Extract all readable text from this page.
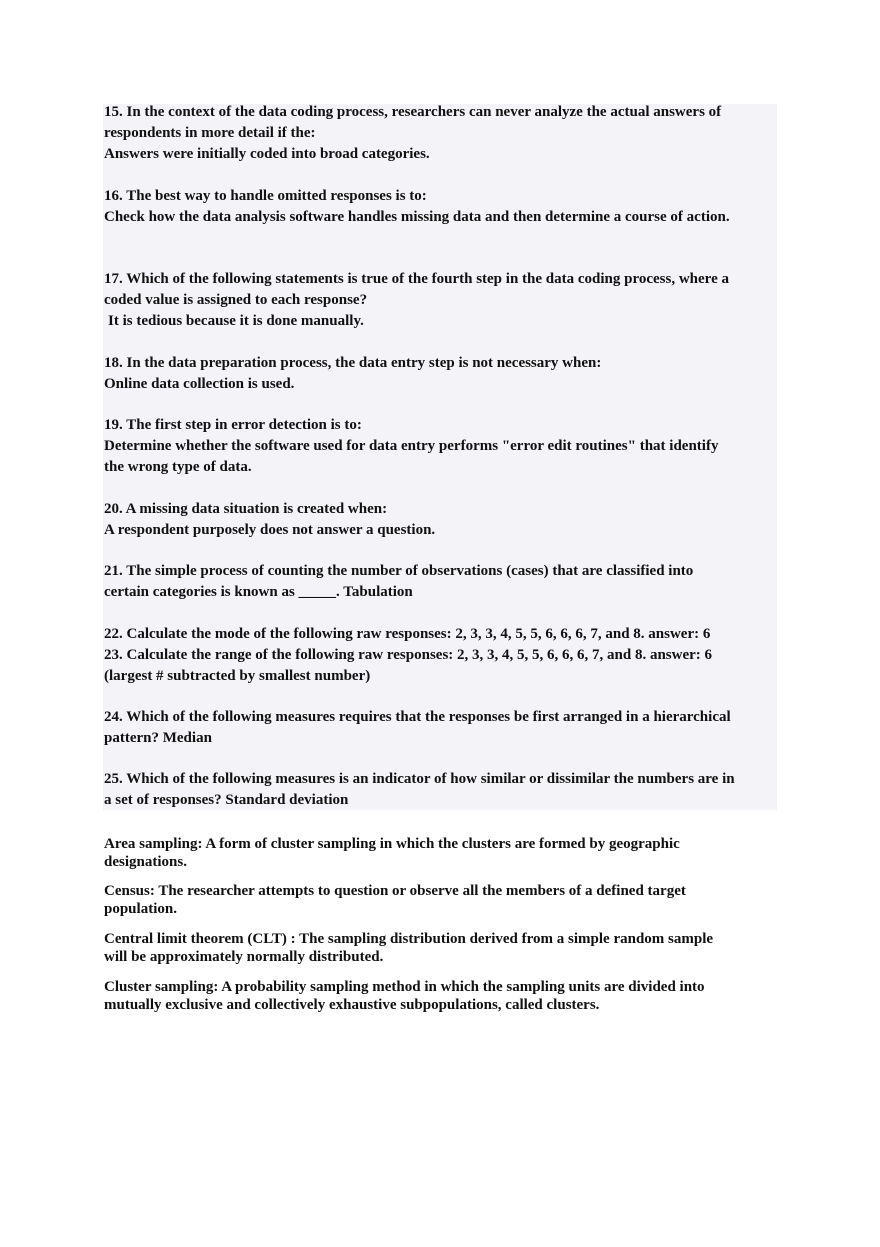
15. In the context of the data coding process, researchers can never analyze the actual answers of
respondents in more detail if the:
Answers were initially coded into broad categories.
16. The best way to handle omitted responses is to:
Check how the data analysis software handles missing data and then determine a course of action.
17. Which of the following statements is true of the fourth step in the data coding process, where a
coded value is assigned to each response?
It is tedious because it is done manually.
18. In the data preparation process, the data entry step is not necessary when:
Online data collection is used.
19. The first step in error detection is to:
Determine whether the software used for data entry performs "error edit routines" that identify
the wrong type of data.
20. A missing data situation is created when:
A respondent purposely does not answer a question.
21. The simple process of counting the number of observations (cases) that are classified into
certain categories is known as _____. Tabulation
22. Calculate the mode of the following raw responses: 2, 3, 3, 4, 5, 5, 6, 6, 6, 7, and 8. answer: 6
23. Calculate the range of the following raw responses: 2, 3, 3, 4, 5, 5, 6, 6, 6, 7, and 8. answer: 6
(largest # subtracted by smallest number)
24. Which of the following measures requires that the responses be first arranged in a hierarchical
pattern? Median
25. Which of the following measures is an indicator of how similar or dissimilar the numbers are in
a set of responses? Standard deviation
Area sampling: A form of cluster sampling in which the clusters are formed by geographic
designations.
Census: The researcher attempts to question or observe all the members of a defined target
population.
Central limit theorem (CLT) : The sampling distribution derived from a simple random sample
will be approximately normally distributed.
Cluster sampling: A probability sampling method in which the sampling units are divided into
mutually exclusive and collectively exhaustive subpopulations, called clusters.
